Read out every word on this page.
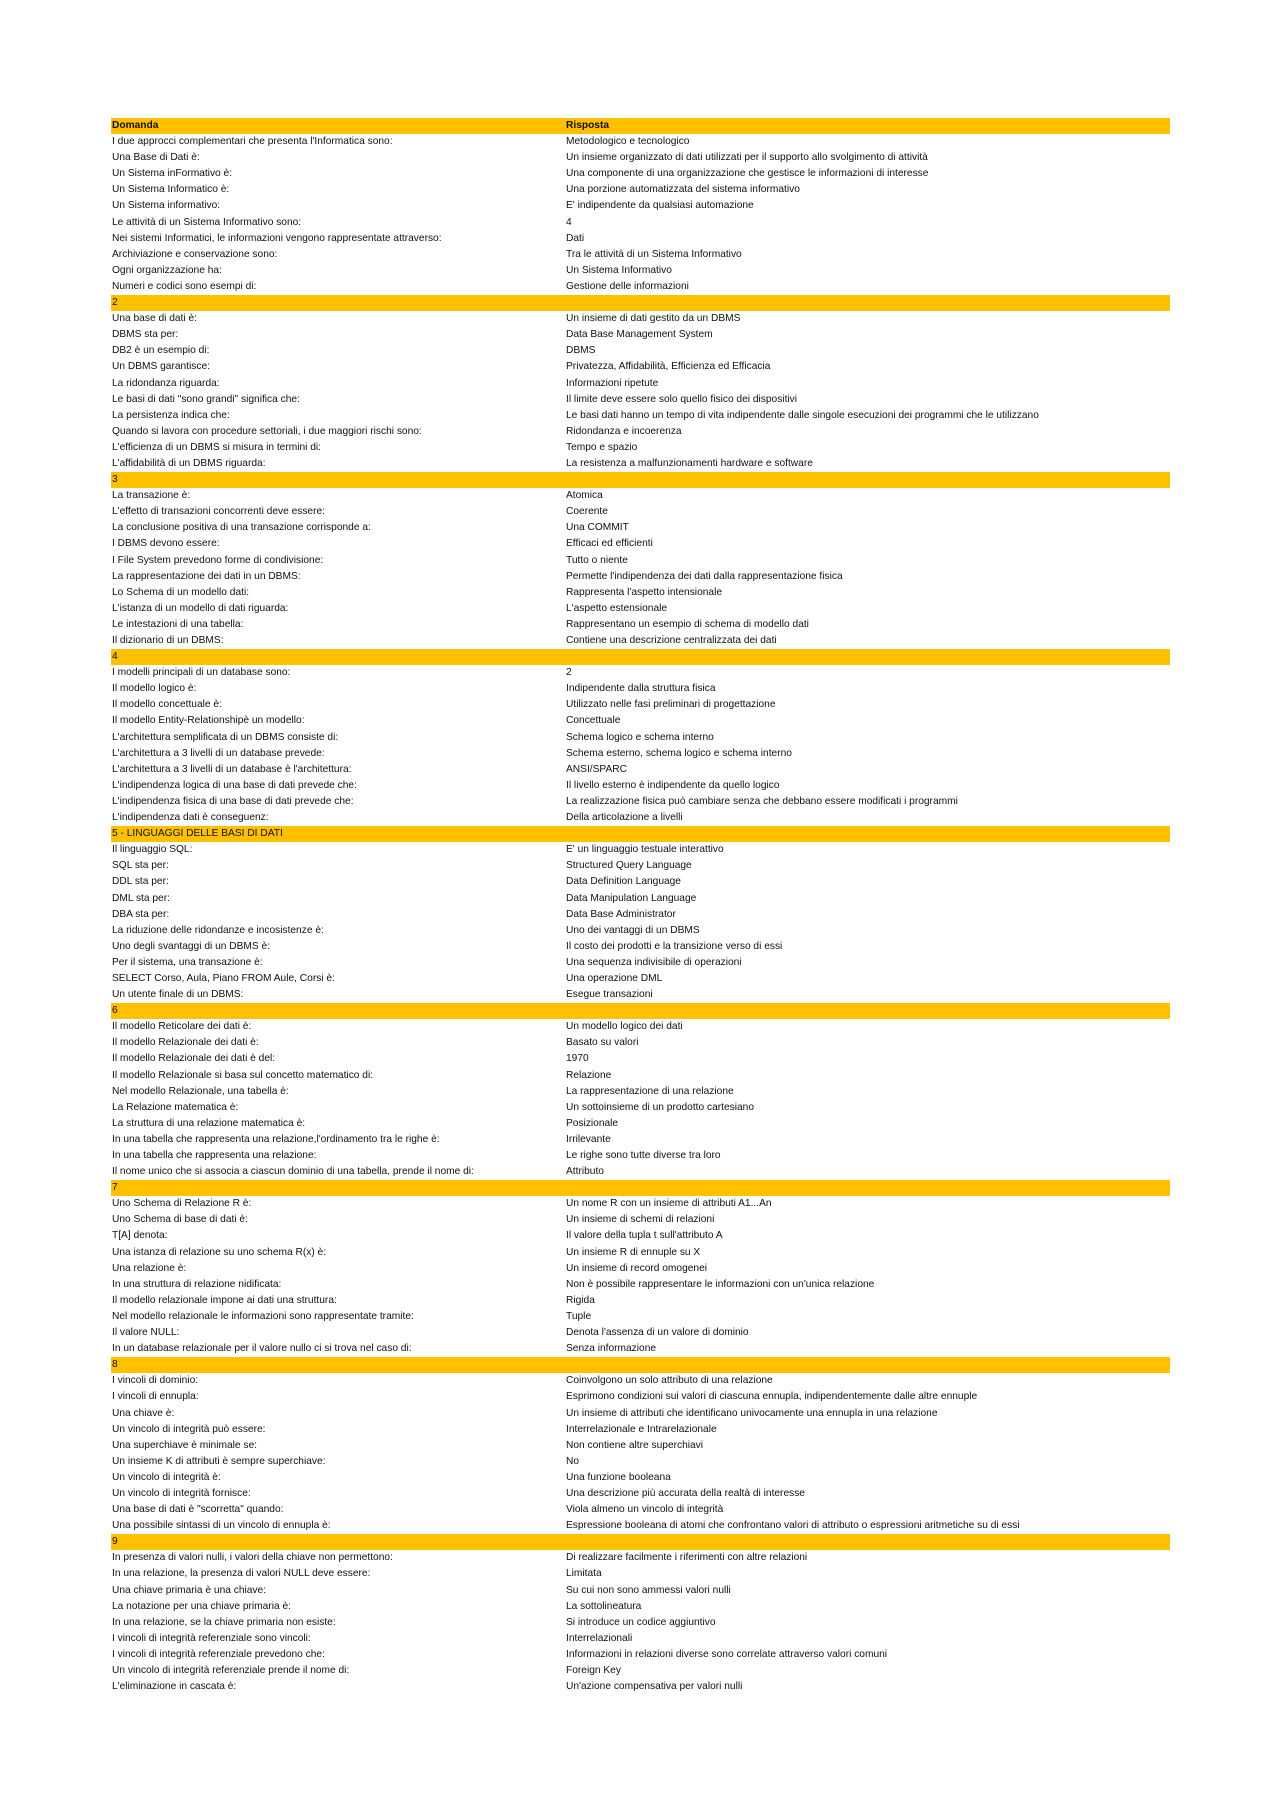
Domanda	Risposta
I due approcci complementari che presenta l'Informatica sono:	Metodologico e tecnologico
Una Base di Dati è:	Un insieme organizzato di dati utilizzati per il supporto allo svolgimento di attività
Un Sistema inFormativo è:	Una componente di una organizzazione che gestisce le informazioni di interesse
Un Sistema Informatico è:	Una porzione automatizzata del sistema informativo
Un Sistema informativo:	E' indipendente da qualsiasi automazione
Le attività di un Sistema Informativo sono:	4
Nei sistemi Informatici, le informazioni vengono rappresentate attraverso:	Dati
Archiviazione e conservazione sono:	Tra le attività di un Sistema Informativo
Ogni organizzazione ha:	Un Sistema Informativo
Numeri e codici sono esempi di:	Gestione delle informazioni
2
Una base di dati è:	Un insieme di dati gestito da un DBMS
DBMS sta per:	Data Base Management System
DB2 è un esempio di:	DBMS
Un DBMS garantisce:	Privatezza, Affidabilità, Efficienza ed Efficacia
La ridondanza riguarda:	Informazioni ripetute
Le basi di dati "sono grandi" significa che:	Il limite deve essere solo quello fisico dei dispositivi
La persistenza indica che:	Le basi dati hanno un tempo di vita indipendente dalle singole esecuzioni dei programmi che le utilizzano
Quando si lavora con procedure settoriali, i due maggiori rischi sono:	Ridondanza e incoerenza
L'efficienza di un DBMS si misura in termini di:	Tempo e spazio
L'affidabilità di un DBMS riguarda:	La resistenza a malfunzionamenti hardware e software
3
La transazione è:	Atomica
L'effetto di transazioni concorrenti deve essere:	Coerente
La conclusione positiva di una transazione corrisponde a:	Una COMMIT
I DBMS devono essere:	Efficaci ed efficienti
I File System prevedono forme di condivisione:	Tutto o niente
La rappresentazione dei dati in un DBMS:	Permette l'indipendenza dei dati dalla rappresentazione fisica
Lo Schema di un modello dati:	Rappresenta l'aspetto intensionale
L'istanza di un modello di dati riguarda:	L'aspetto estensionale
Le intestazioni di una tabella:	Rappresentano un esempio di schema di modello dati
Il dizionario di un DBMS:	Contiene una descrizione centralizzata dei dati
4
I modelli principali di un database sono:	2
Il modello logico è:	Indipendente dalla struttura fisica
Il modello concettuale è:	Utilizzato nelle fasi preliminari di progettazione
Il modello Entity-Relationshipè un modello:	Concettuale
L'architettura semplificata di un DBMS consiste di:	Schema logico e schema interno
L'architettura a 3 livelli di un database prevede:	Schema esterno, schema logico e schema interno
L'architettura a 3 livelli di un database è l'architettura:	ANSI/SPARC
L'indipendenza logica di una base di dati prevede che:	Il livello esterno è indipendente da quello logico
L'indipendenza fisica di una base di dati prevede che:	La realizzazione fisica può cambiare senza che debbano essere modificati i programmi
L'indipendenza dati è conseguenz:	Della articolazione a livelli
5 - LINGUAGGI DELLE BASI DI DATI
Il linguaggio SQL:	E' un linguaggio testuale interattivo
SQL sta per:	Structured Query Language
DDL sta per:	Data Definition Language
DML sta per:	Data Manipulation Language
DBA sta per:	Data Base Administrator
La riduzione delle ridondanze e incosistenze è:	Uno dei vantaggi di un DBMS
Uno degli svantaggi di un DBMS è:	Il costo dei prodotti e la transizione verso di essi
Per il sistema, una transazione è:	Una sequenza indivisibile di operazioni
SELECT Corso, Aula, Piano FROM Aule, Corsi è:	Una operazione DML
Un utente finale di un DBMS:	Esegue transazioni
6
Il modello Reticolare dei dati è:	Un modello logico dei dati
Il modello Relazionale dei dati è:	Basato su valori
Il modello Relazionale dei dati è del:	1970
Il modello Relazionale si basa sul concetto matematico di:	Relazione
Nel modello Relazionale, una tabella è:	La rappresentazione di una relazione
La Relazione matematica è:	Un sottoinsieme di un prodotto cartesiano
La struttura di una relazione matematica è:	Posizionale
In una tabella che rappresenta una relazione,l'ordinamento tra le righe è:	Irrilevante
In una tabella che rappresenta una relazione:	Le righe sono tutte diverse tra loro
Il nome unico che si associa a ciascun dominio di una tabella, prende il nome di:	Attributo
7
Uno Schema di Relazione R è:	Un nome R con un insieme di attributi A1...An
Uno Schema di base di dati è:	Un insieme di schemi di relazioni
T[A] denota:	Il valore della tupla t sull'attributo A
Una istanza di relazione su uno schema R(x) è:	Un insieme R di ennuple su X
Una relazione è:	Un insieme di record omogenei
In una struttura di relazione nidificata:	Non è possibile rappresentare le informazioni con un'unica relazione
Il modello relazionale impone ai dati una struttura:	Rigida
Nel modello relazionale le informazioni sono rappresentate tramite:	Tuple
Il valore NULL:	Denota l'assenza di un valore di dominio
In un database relazionale per il valore nullo ci si trova nel caso di:	Senza informazione
8
I vincoli di dominio:	Coinvolgono un solo attributo di una relazione
I vincoli di ennupla:	Esprimono condizioni sui valori di ciascuna ennupla, indipendentemente dalle altre ennuple
Una chiave è:	Un insieme di attributi che identificano univocamente una ennupla in una relazione
Un vincolo di integrità può essere:	Interrelazionale e Intrarelazionale
Una superchiave è minimale se:	Non contiene altre superchiavi
Un insieme K di attributi è sempre superchiave:	No
Un vincolo di integrità è:	Una funzione booleana
Un vincolo di integrità fornisce:	Una descrizione più accurata della realtà di interesse
Una base di dati è "scorretta" quando:	Viola almeno un vincolo di integrità
Una possibile sintassi di un vincolo di ennupla è:	Espressione booleana di atomi che confrontano valori di attributo o espressioni aritmetiche su di essi
9
In presenza di valori nulli, i valori della chiave non permettono:	Di realizzare facilmente i riferimenti con altre relazioni
In una relazione, la presenza di valori NULL deve essere:	Limitata
Una chiave primaria è una chiave:	Su cui non sono ammessi valori nulli
La notazione per una chiave primaria è:	La sottolineatura
In una relazione, se la chiave primaria non esiste:	Si introduce un codice aggiuntivo
I vincoli di integrità referenziale sono vincoli:	Interrelazionali
I vincoli di integrità referenziale prevedono che:	Informazioni in relazioni diverse sono correlate attraverso valori comuni
Un vincolo di integrità referenziale prende il nome di:	Foreign Key
L'eliminazione in cascata è:	Un'azione compensativa per valori nulli
